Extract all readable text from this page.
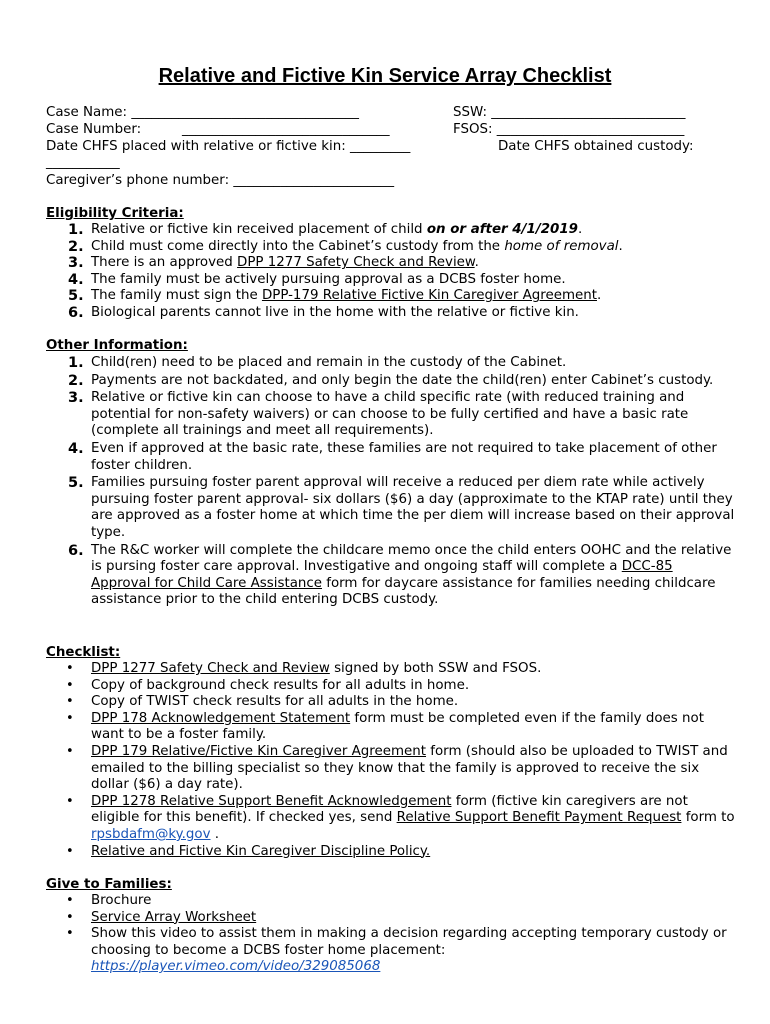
Relative and Fictive Kin Service Array Checklist
Case Name: __________________________________	SSW: _____________________________
Case Number:	_______________________________	FSOS: ____________________________
Date CHFS placed with relative or fictive kin: _________	Date CHFS obtained custody:
___________
Caregiver’s phone number: ________________________
Eligibility Criteria:
1. Relative or fictive kin received placement of child on or after 4/1/2019.
2. Child must come directly into the Cabinet’s custody from the home of removal.
3. There is an approved DPP 1277 Safety Check and Review.
4. The family must be actively pursuing approval as a DCBS foster home.
5. The family must sign the DPP-179 Relative Fictive Kin Caregiver Agreement.
6. Biological parents cannot live in the home with the relative or fictive kin.
Other Information:
1. Child(ren) need to be placed and remain in the custody of the Cabinet.
2. Payments are not backdated, and only begin the date the child(ren) enter Cabinet’s custody.
3. Relative or fictive kin can choose to have a child specific rate (with reduced training and potential for non-safety waivers) or can choose to be fully certified and have a basic rate (complete all trainings and meet all requirements).
4. Even if approved at the basic rate, these families are not required to take placement of other foster children.
5. Families pursuing foster parent approval will receive a reduced per diem rate while actively pursuing foster parent approval- six dollars ($6) a day (approximate to the KTAP rate) until they are approved as a foster home at which time the per diem will increase based on their approval type.
6. The R&C worker will complete the childcare memo once the child enters OOHC and the relative is pursing foster care approval. Investigative and ongoing staff will complete a DCC-85 Approval for Child Care Assistance form for daycare assistance for families needing childcare assistance prior to the child entering DCBS custody.
Checklist:
• DPP 1277 Safety Check and Review signed by both SSW and FSOS.
• Copy of background check results for all adults in home.
• Copy of TWIST check results for all adults in the home.
• DPP 178 Acknowledgement Statement form must be completed even if the family does not want to be a foster family.
• DPP 179 Relative/Fictive Kin Caregiver Agreement form (should also be uploaded to TWIST and emailed to the billing specialist so they know that the family is approved to receive the six dollar ($6) a day rate).
• DPP 1278 Relative Support Benefit Acknowledgement form (fictive kin caregivers are not eligible for this benefit). If checked yes, send Relative Support Benefit Payment Request form to rpsbdafm@ky.gov .
• Relative and Fictive Kin Caregiver Discipline Policy.
Give to Families:
• Brochure
• Service Array Worksheet
• Show this video to assist them in making a decision regarding accepting temporary custody or choosing to become a DCBS foster home placement:
https://player.vimeo.com/video/329085068
